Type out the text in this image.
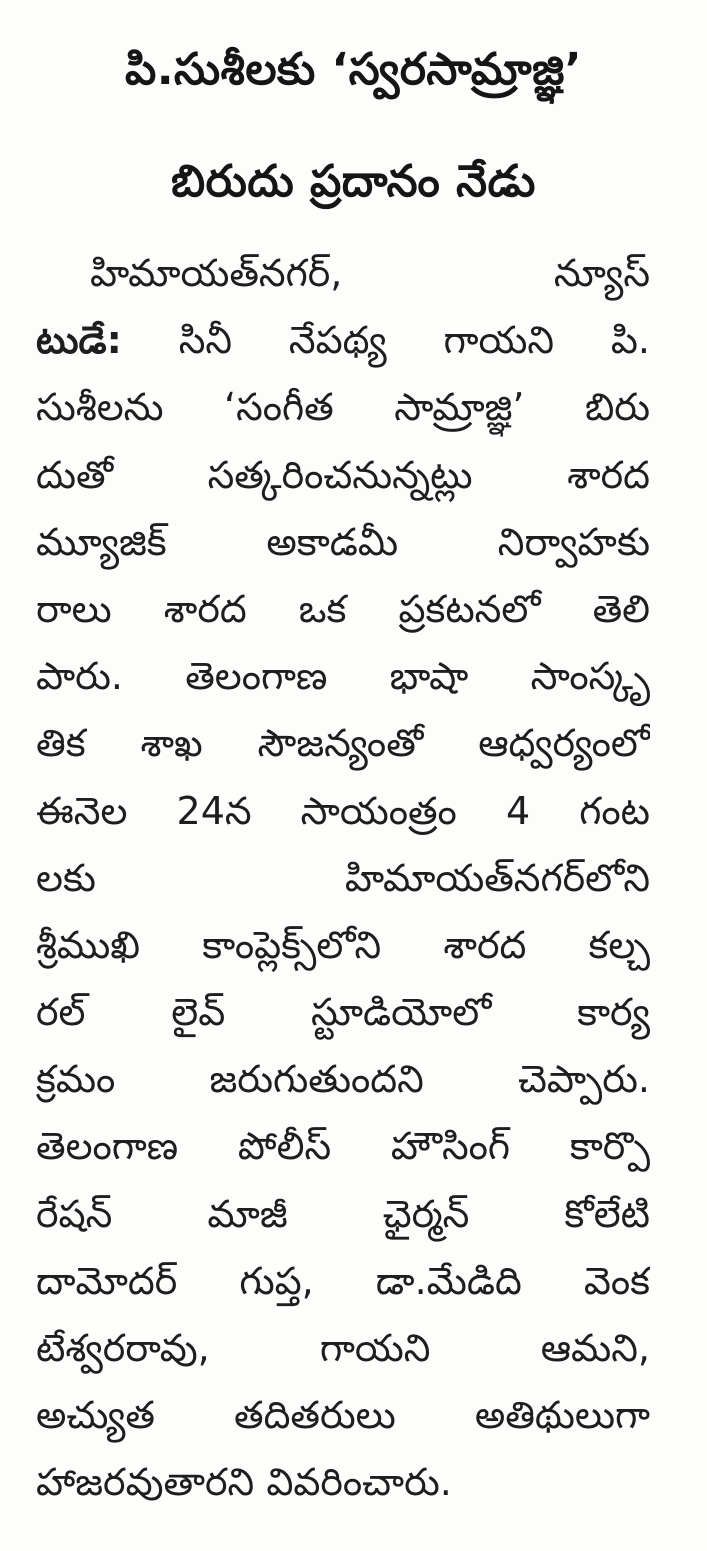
పి.సుశీలకు ‘స్వరసామ్రాజ్ఞి’
బిరుదు ప్రదానం నేడు
హిమాయత్‌నగర్‌, న్యూస్‌
టుడే: సినీ నేపథ్య గాయని పి.
సుశీలను ‘సంగీత సామ్రాజ్ఞి’ బిరు
దుతో సత్కరించనున్నట్లు శారద
మ్యూజిక్‌ అకాడమీ నిర్వాహకు
రాలు శారద ఒక ప్రకటనలో తెలి
పారు. తెలంగాణ భాషా సాంస్కృ
తిక శాఖ సౌజన్యంతో ఆధ్వర్యంలో
ఈనెల 24న సాయంత్రం 4 గంట
లకు హిమాయత్‌నగర్‌లోని
శ్రీముఖి కాంప్లెక్స్‌లోని శారద కల్చ
రల్‌ లైవ్‌ స్టూడియోలో కార్య
క్రమం జరుగుతుందని చెప్పారు.
తెలంగాణ పోలీస్‌ హౌసింగ్‌ కార్పొ
రేషన్‌ మాజీ ఛైర్మన్‌ కోలేటి
దామోదర్‌ గుప్త, డా.మేడిది వెంక
టేశ్వరరావు, గాయని ఆమని,
అచ్యుత తదితరులు అతిథులుగా
హాజరవుతారని వివరించారు.
